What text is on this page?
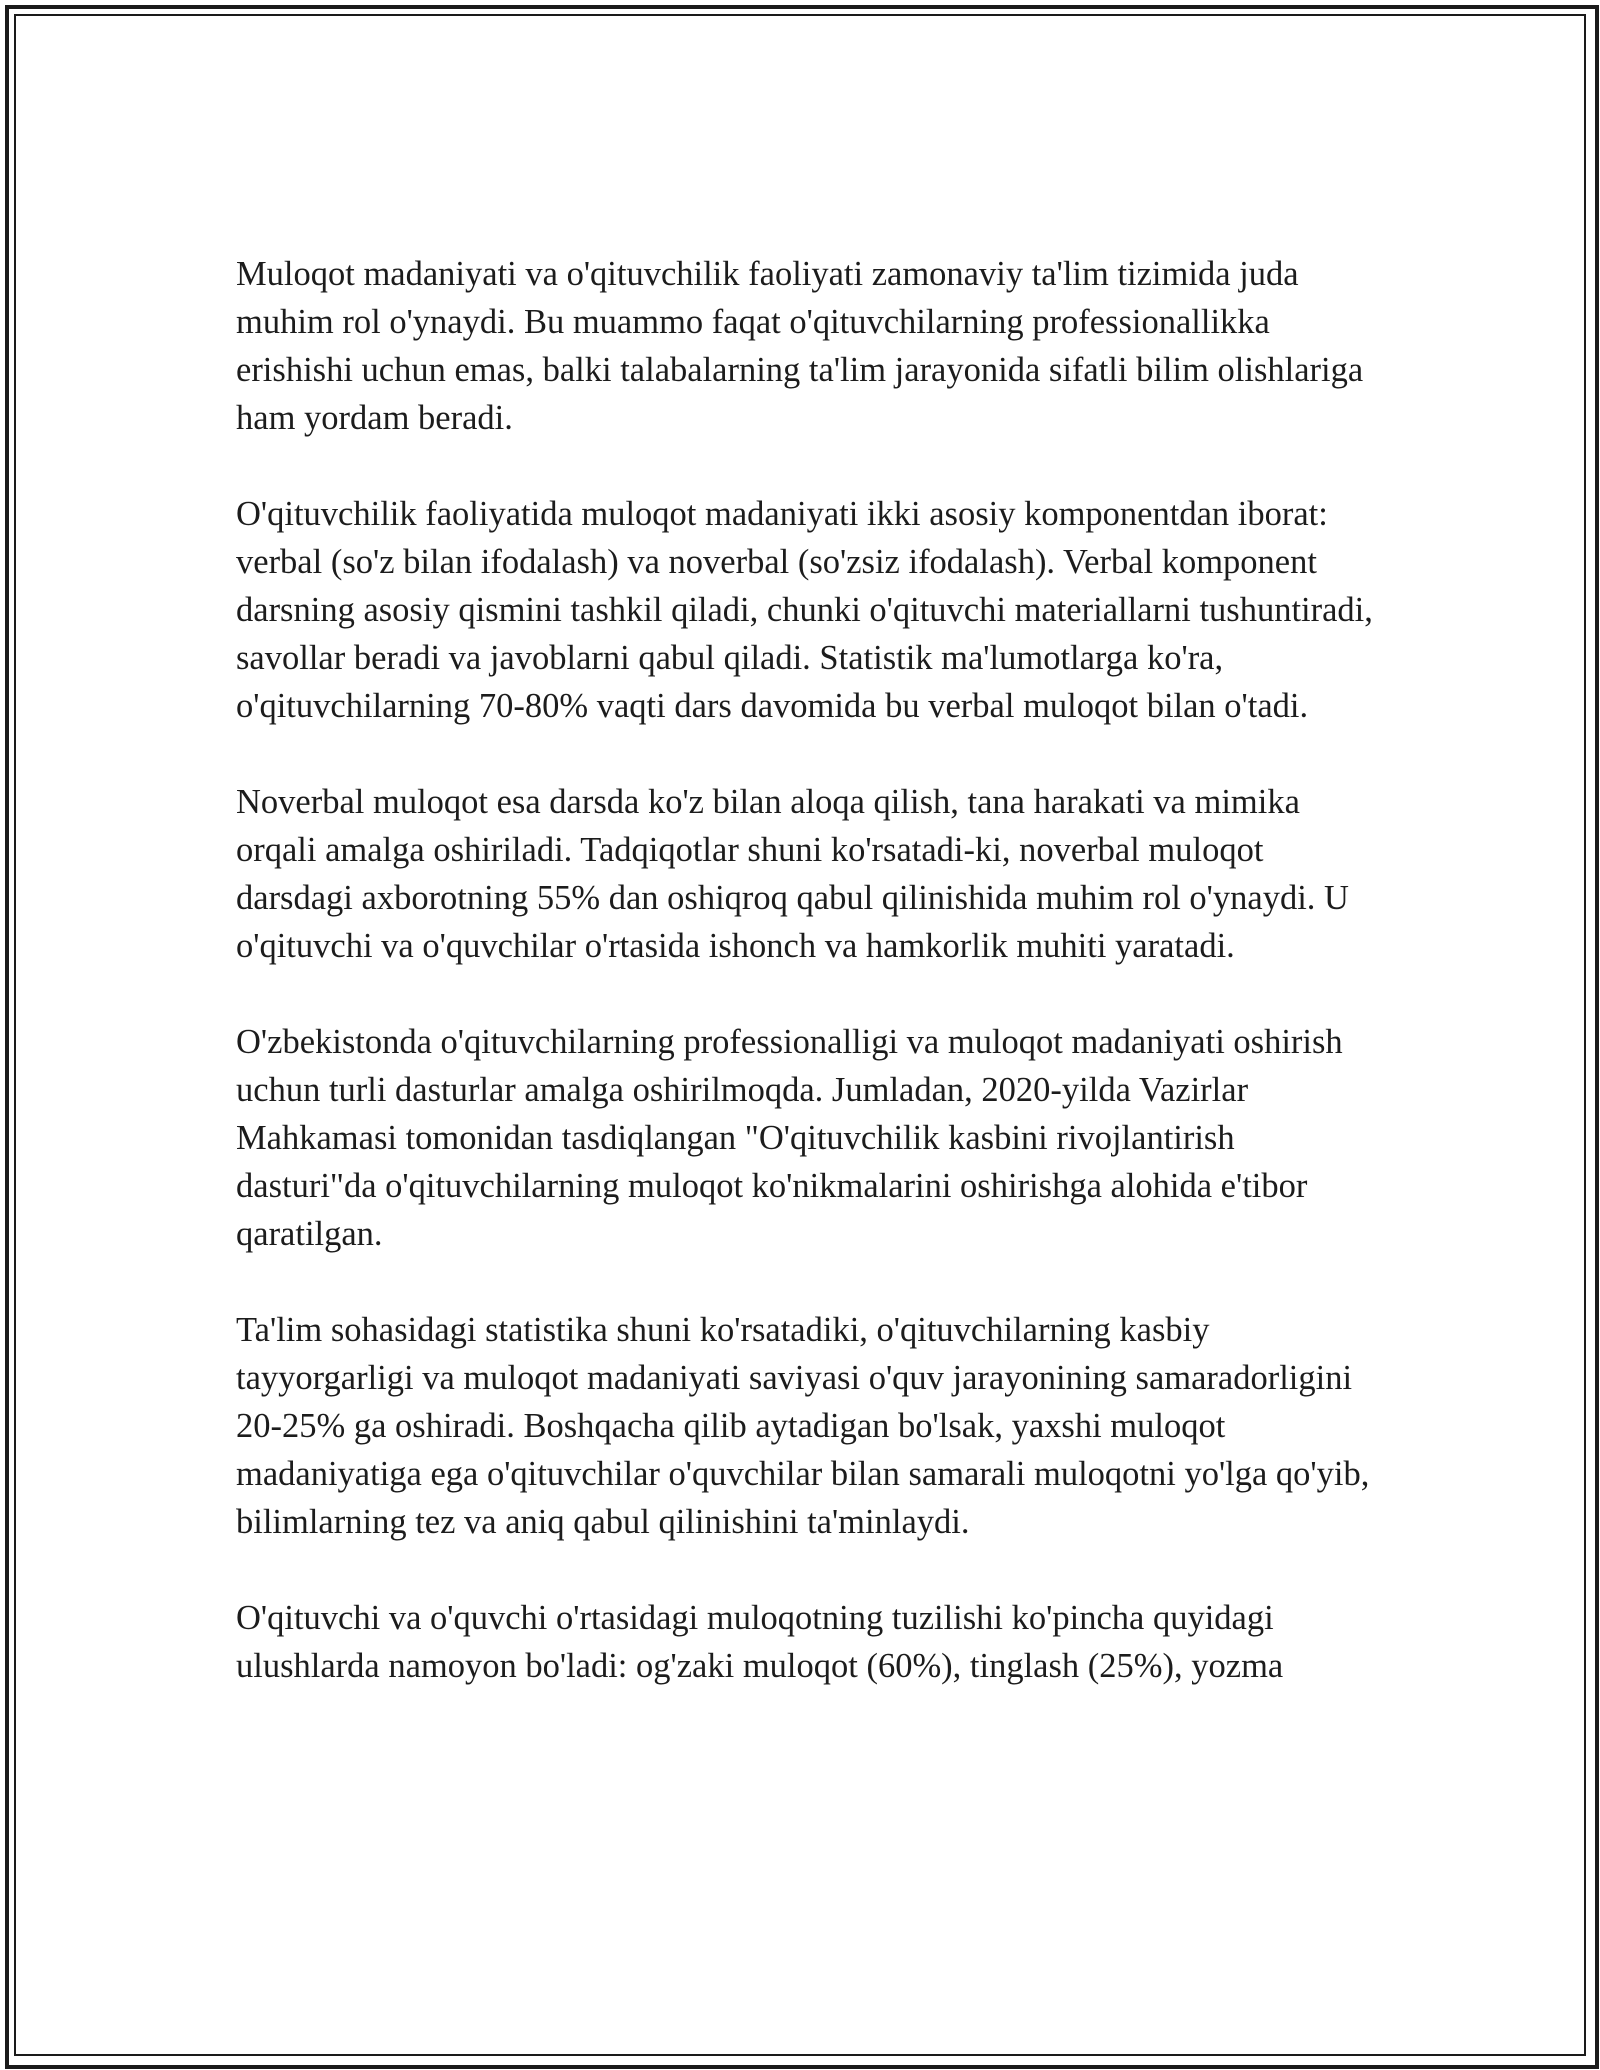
Muloqot madaniyati va o'qituvchilik faoliyati zamonaviy ta'lim tizimida juda muhim rol o'ynaydi. Bu muammo faqat o'qituvchilarning professionallikka erishishi uchun emas, balki talabalarning ta'lim jarayonida sifatli bilim olishlariga ham yordam beradi.

O'qituvchilik faoliyatida muloqot madaniyati ikki asosiy komponentdan iborat: verbal (so'z bilan ifodalash) va noverbal (so'zsiz ifodalash). Verbal komponent darsning asosiy qismini tashkil qiladi, chunki o'qituvchi materiallarni tushuntiradi, savollar beradi va javoblarni qabul qiladi. Statistik ma'lumotlarga ko'ra, o'qituvchilarning 70-80% vaqti dars davomida bu verbal muloqot bilan o'tadi.

Noverbal muloqot esa darsda ko'z bilan aloqa qilish, tana harakati va mimika orqali amalga oshiriladi. Tadqiqotlar shuni ko'rsatadi-ki, noverbal muloqot darsdagi axborotning 55% dan oshiqroq qabul qilinishida muhim rol o'ynaydi. U o'qituvchi va o'quvchilar o'rtasida ishonch va hamkorlik muhiti yaratadi.

O'zbekistonda o'qituvchilarning professionalligi va muloqot madaniyati oshirish uchun turli dasturlar amalga oshirilmoqda. Jumladan, 2020-yilda Vazirlar Mahkamasi tomonidan tasdiqlangan "O'qituvchilik kasbini rivojlantirish dasturi"da o'qituvchilarning muloqot ko'nikmalarini oshirishga alohida e'tibor qaratilgan.

Ta'lim sohasidagi statistika shuni ko'rsatadiki, o'qituvchilarning kasbiy tayyorgarligi va muloqot madaniyati saviyasi o'quv jarayonining samaradorligini 20-25% ga oshiradi. Boshqacha qilib aytadigan bo'lsak, yaxshi muloqot madaniyatiga ega o'qituvchilar o'quvchilar bilan samarali muloqotni yo'lga qo'yib, bilimlarning tez va aniq qabul qilinishini ta'minlaydi.

O'qituvchi va o'quvchi o'rtasidagi muloqotning tuzilishi ko'pincha quyidagi ulushlarda namoyon bo'ladi: og'zaki muloqot (60%), tinglash (25%), yozma
